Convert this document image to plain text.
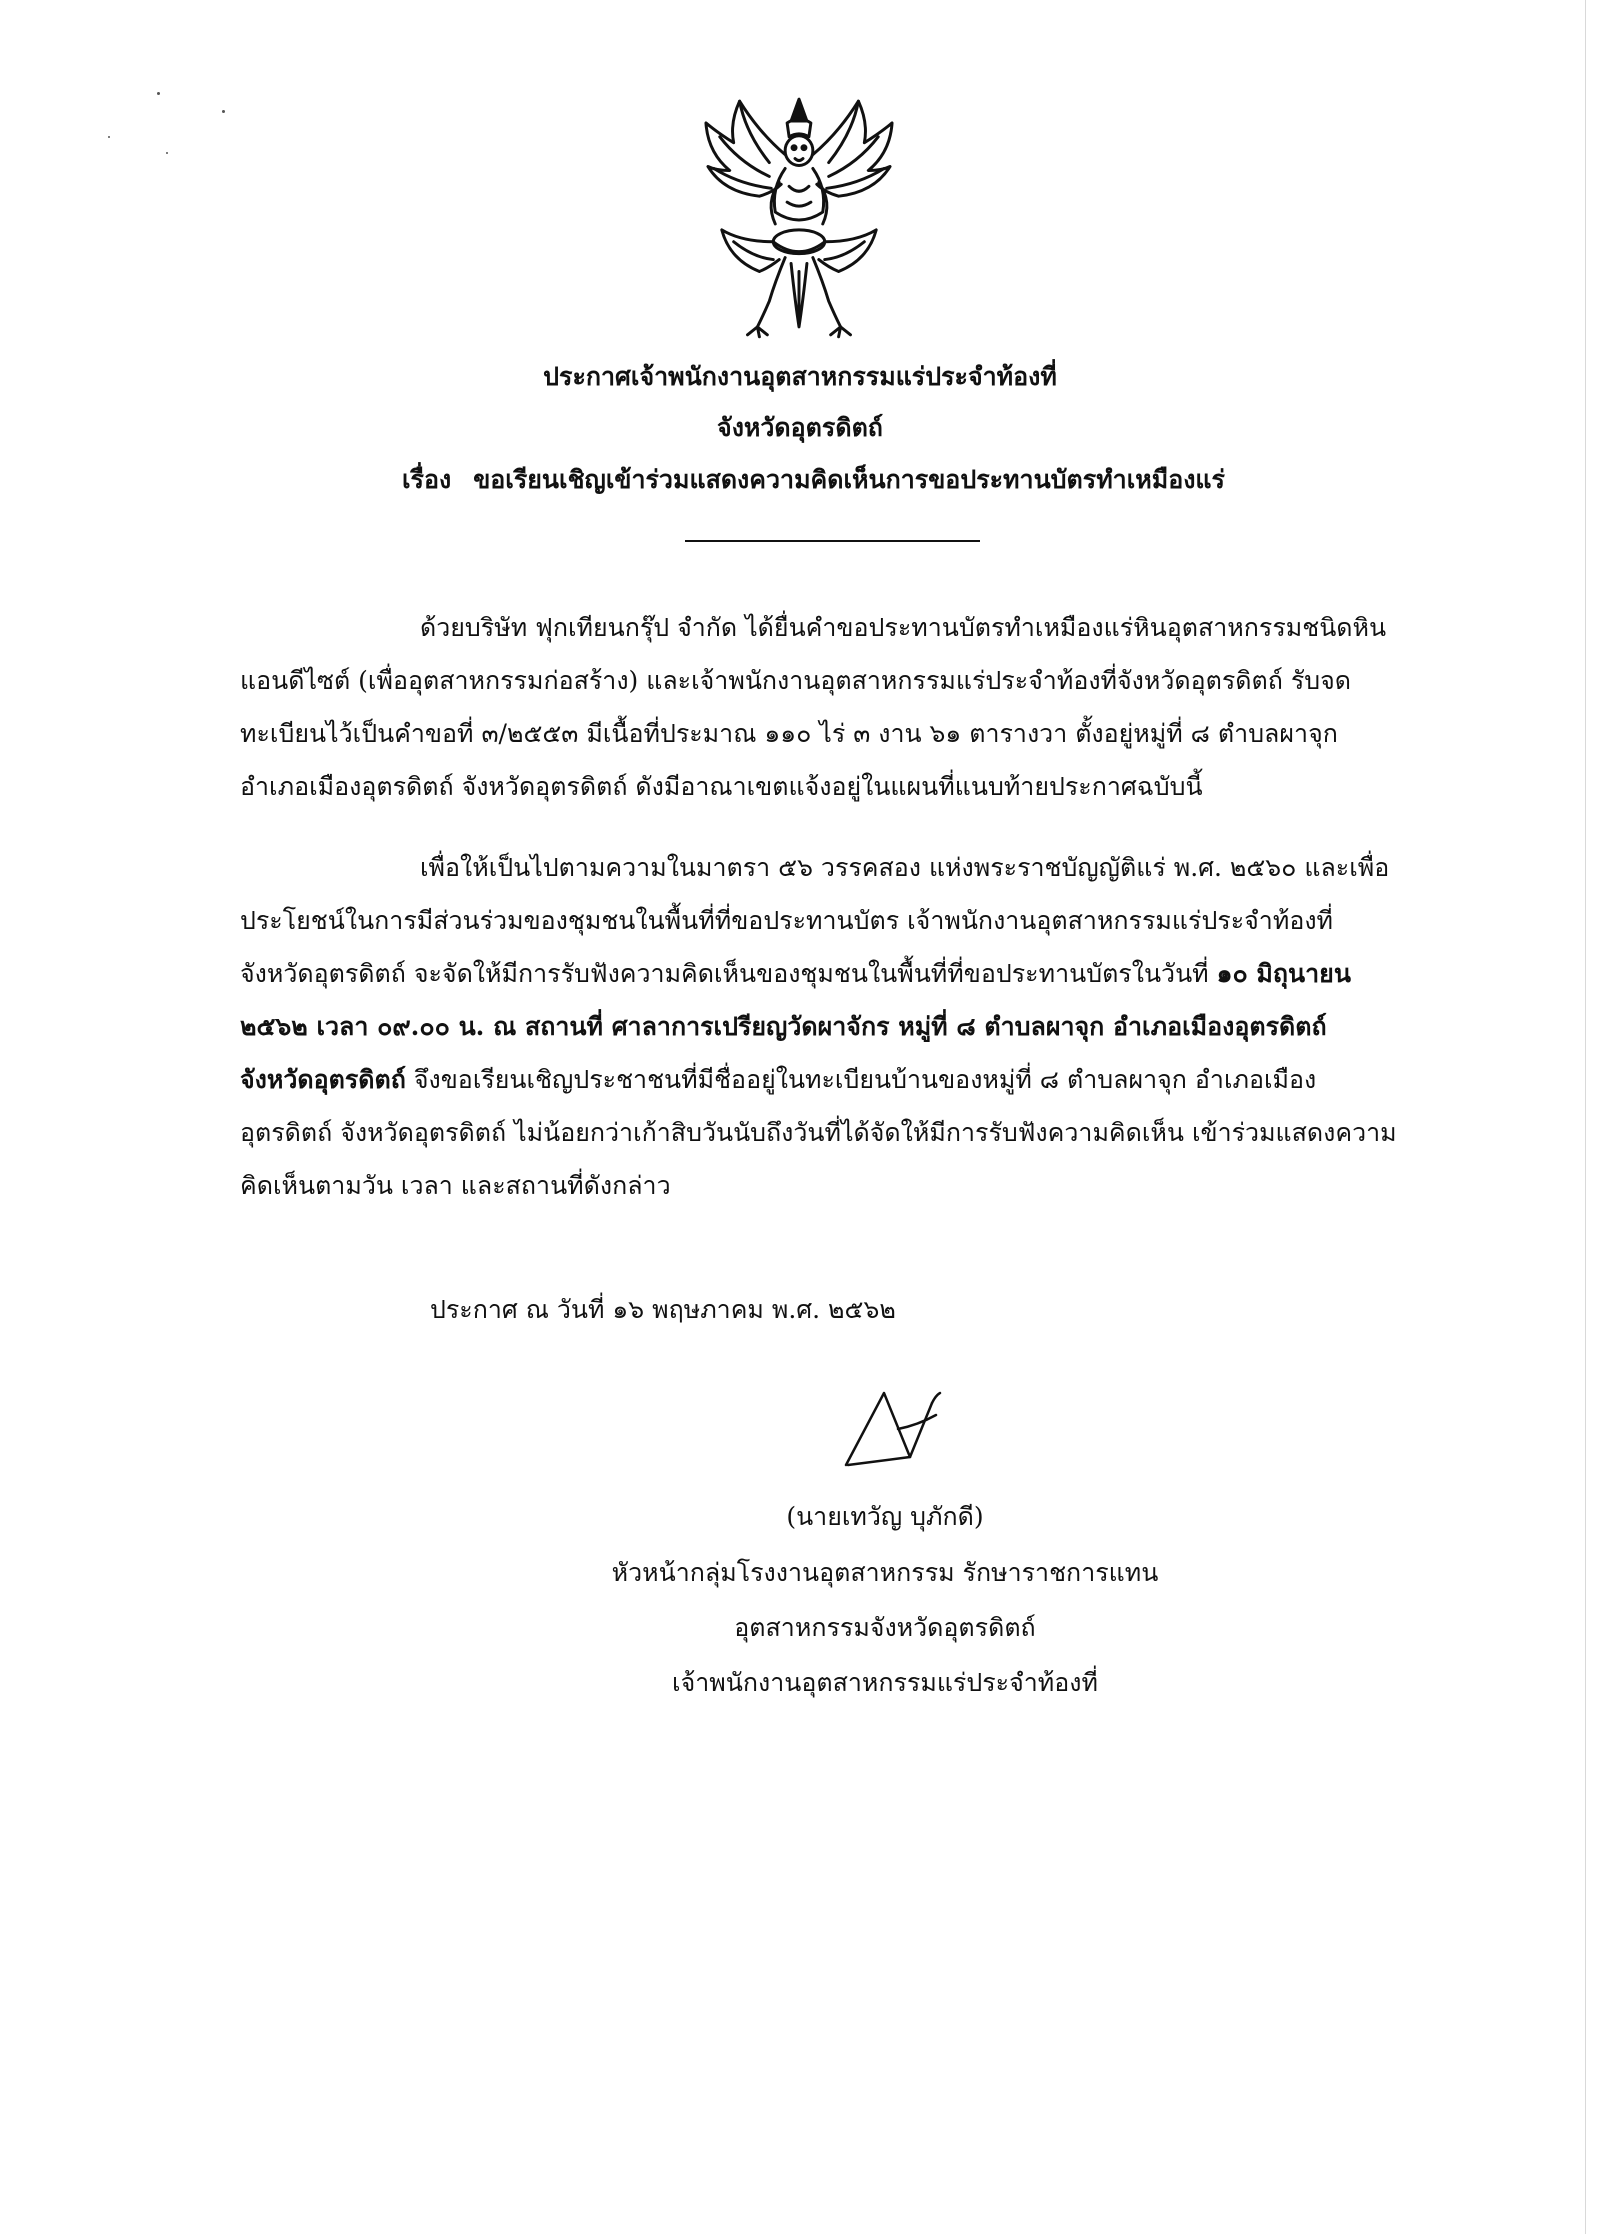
ประกาศเจ้าพนักงานอุตสาหกรรมแร่ประจำท้องที่
จังหวัดอุตรดิตถ์
เรื่อง ขอเรียนเชิญเข้าร่วมแสดงความคิดเห็นการขอประทานบัตรทำเหมืองแร่
ด้วยบริษัท ฟุกเทียนกรุ๊ป จำกัด ได้ยื่นคำขอประทานบัตรทำเหมืองแร่หินอุตสาหกรรมชนิดหิน
แอนดีไซต์ (เพื่ออุตสาหกรรมก่อสร้าง) และเจ้าพนักงานอุตสาหกรรมแร่ประจำท้องที่จังหวัดอุตรดิตถ์ รับจด
ทะเบียนไว้เป็นคำขอที่ ๓/๒๕๕๓ มีเนื้อที่ประมาณ ๑๑๐ ไร่ ๓ งาน ๖๑ ตารางวา ตั้งอยู่หมู่ที่ ๘ ตำบลผาจุก
อำเภอเมืองอุตรดิตถ์ จังหวัดอุตรดิตถ์ ดังมีอาณาเขตแจ้งอยู่ในแผนที่แนบท้ายประกาศฉบับนี้
เพื่อให้เป็นไปตามความในมาตรา ๕๖ วรรคสอง แห่งพระราชบัญญัติแร่ พ.ศ. ๒๕๖๐ และเพื่อ
ประโยชน์ในการมีส่วนร่วมของชุมชนในพื้นที่ที่ขอประทานบัตร เจ้าพนักงานอุตสาหกรรมแร่ประจำท้องที่
จังหวัดอุตรดิตถ์ จะจัดให้มีการรับฟังความคิดเห็นของชุมชนในพื้นที่ที่ขอประทานบัตรในวันที่ ๑๐ มิถุนายน
๒๕๖๒ เวลา ๐๙.๐๐ น. ณ สถานที่ ศาลาการเปรียญวัดผาจักร หมู่ที่ ๘ ตำบลผาจุก อำเภอเมืองอุตรดิตถ์
จังหวัดอุตรดิตถ์ จึงขอเรียนเชิญประชาชนที่มีชื่ออยู่ในทะเบียนบ้านของหมู่ที่ ๘ ตำบลผาจุก อำเภอเมือง
อุตรดิตถ์ จังหวัดอุตรดิตถ์ ไม่น้อยกว่าเก้าสิบวันนับถึงวันที่ได้จัดให้มีการรับฟังความคิดเห็น เข้าร่วมแสดงความ
คิดเห็นตามวัน เวลา และสถานที่ดังกล่าว
ประกาศ ณ วันที่ ๑๖ พฤษภาคม พ.ศ. ๒๕๖๒
(นายเทวัญ บุภักดี)
หัวหน้ากลุ่มโรงงานอุตสาหกรรม รักษาราชการแทน
อุตสาหกรรมจังหวัดอุตรดิตถ์
เจ้าพนักงานอุตสาหกรรมแร่ประจำท้องที่
